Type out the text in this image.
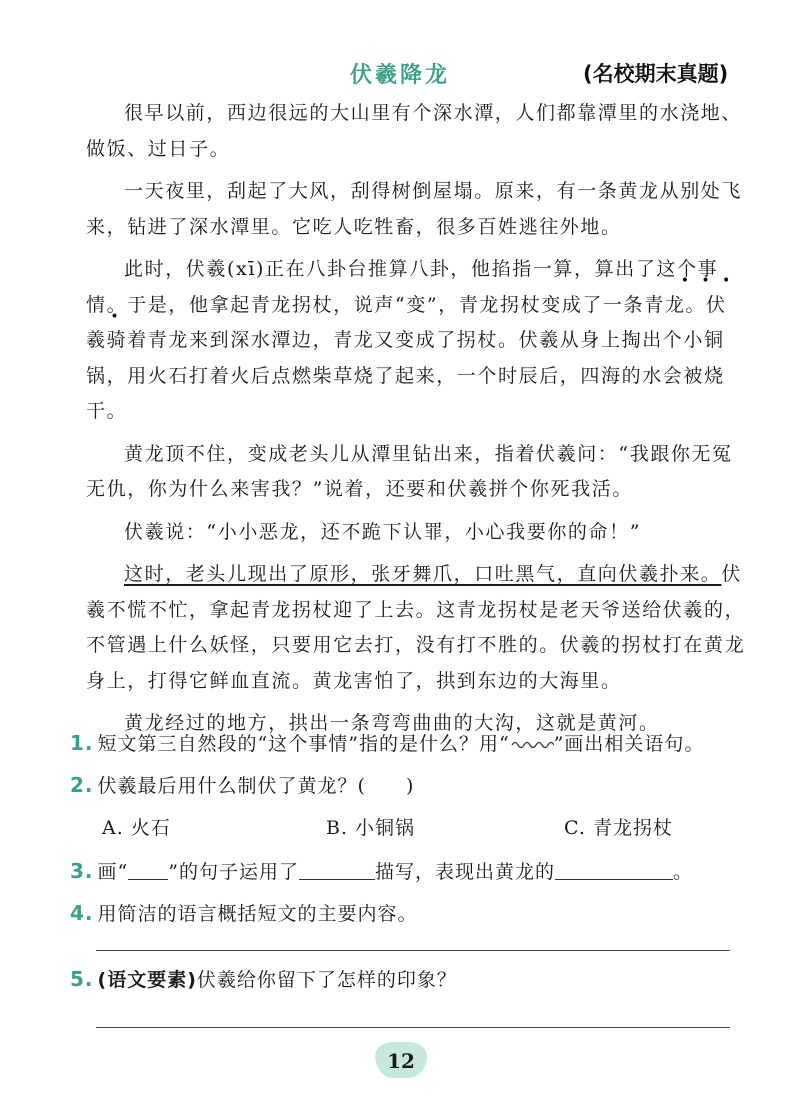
伏羲降龙	(名校期末真题)

很早以前，西边很远的大山里有个深水潭，人们都靠潭里的水浇地、做饭、过日子。

一天夜里，刮起了大风，刮得树倒屋塌。原来，有一条黄龙从别处飞来，钻进了深水潭里。它吃人吃牲畜，很多百姓逃往外地。

此时，伏羲(xī)正在八卦台推算八卦，他掐指一算，算出了这个事情。于是，他拿起青龙拐杖，说声“变”，青龙拐杖变成了一条青龙。伏羲骑着青龙来到深水潭边，青龙又变成了拐杖。伏羲从身上掏出个小铜锅，用火石打着火后点燃柴草烧了起来，一个时辰后，四海的水会被烧干。

黄龙顶不住，变成老头儿从潭里钻出来，指着伏羲问：“我跟你无冤无仇，你为什么来害我？”说着，还要和伏羲拼个你死我活。

伏羲说：“小小恶龙，还不跪下认罪，小心我要你的命！”

这时，老头儿现出了原形，张牙舞爪，口吐黑气，直向伏羲扑来。伏羲不慌不忙，拿起青龙拐杖迎了上去。这青龙拐杖是老天爷送给伏羲的，不管遇上什么妖怪，只要用它去打，没有打不胜的。伏羲的拐杖打在黄龙身上，打得它鲜血直流。黄龙害怕了，拱到东边的大海里。

黄龙经过的地方，拱出一条弯弯曲曲的大沟，这就是黄河。

1. 短文第三自然段的“这个事情”指的是什么？用“ ”画出相关语句。
2. 伏羲最后用什么制伏了黄龙？( )
A. 火石	B. 小铜锅	C. 青龙拐杖
3. 画“ ”的句子运用了	描写，表现出黄龙的	。
4. 用简洁的语言概括短文的主要内容。
5. (语文要素)伏羲给你留下了怎样的印象？
12
